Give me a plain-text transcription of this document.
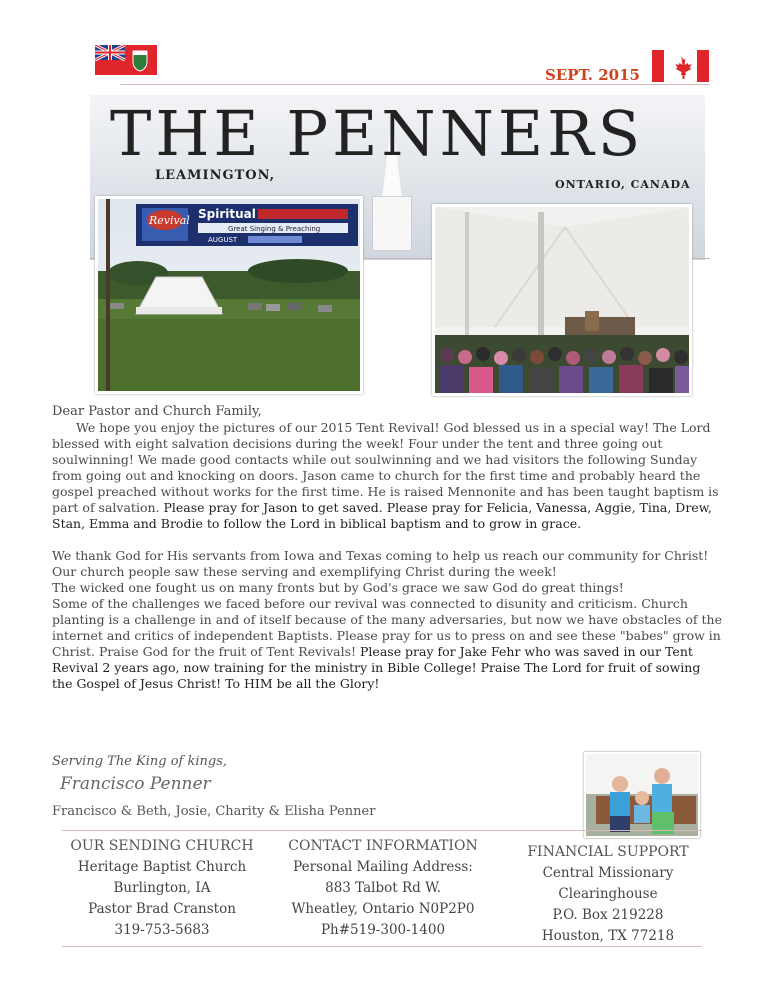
SEPT. 2015
THE PENNERS
LEAMINGTON,
ONTARIO, CANADA
Revival Spiritual
Great Singing & Preaching
AUGUST

Dear Pastor and Church Family,

We hope you enjoy the pictures of our 2015 Tent Revival! God blessed us in a special way! The Lord blessed with eight salvation decisions during the week! Four under the tent and three going out soulwinning! We made good contacts while out soulwinning and we had visitors the following Sunday from going out and knocking on doors. Jason came to church for the first time and probably heard the gospel preached without works for the first time. He is raised Mennonite and has been taught baptism is part of salvation. Please pray for Jason to get saved. Please pray for Felicia, Vanessa, Aggie, Tina, Drew, Stan, Emma and Brodie to follow the Lord in biblical baptism and to grow in grace.

We thank God for His servants from Iowa and Texas coming to help us reach our community for Christ! Our church people saw these serving and exemplifying Christ during the week!

The wicked one fought us on many fronts but by God's grace we saw God do great things!

Some of the challenges we faced before our revival was connected to disunity and criticism. Church planting is a challenge in and of itself because of the many adversaries, but now we have obstacles of the internet and critics of independent Baptists. Please pray for us to press on and see these "babes" grow in Christ. Praise God for the fruit of Tent Revivals! Please pray for Jake Fehr who was saved in our Tent Revival 2 years ago, now training for the ministry in Bible College! Praise The Lord for fruit of sowing the Gospel of Jesus Christ! To HIM be all the Glory!

Serving The King of kings,
Francisco Penner
Francisco & Beth, Josie, Charity & Elisha Penner
OUR SENDING CHURCH
Heritage Baptist Church
Burlington, IA
Pastor Brad Cranston
319-753-5683
CONTACT INFORMATION
Personal Mailing Address:
883 Talbot Rd W.
Wheatley, Ontario N0P2P0
Ph#519-300-1400
FINANCIAL SUPPORT
Central Missionary
Clearinghouse
P.O. Box 219228
Houston, TX 77218
